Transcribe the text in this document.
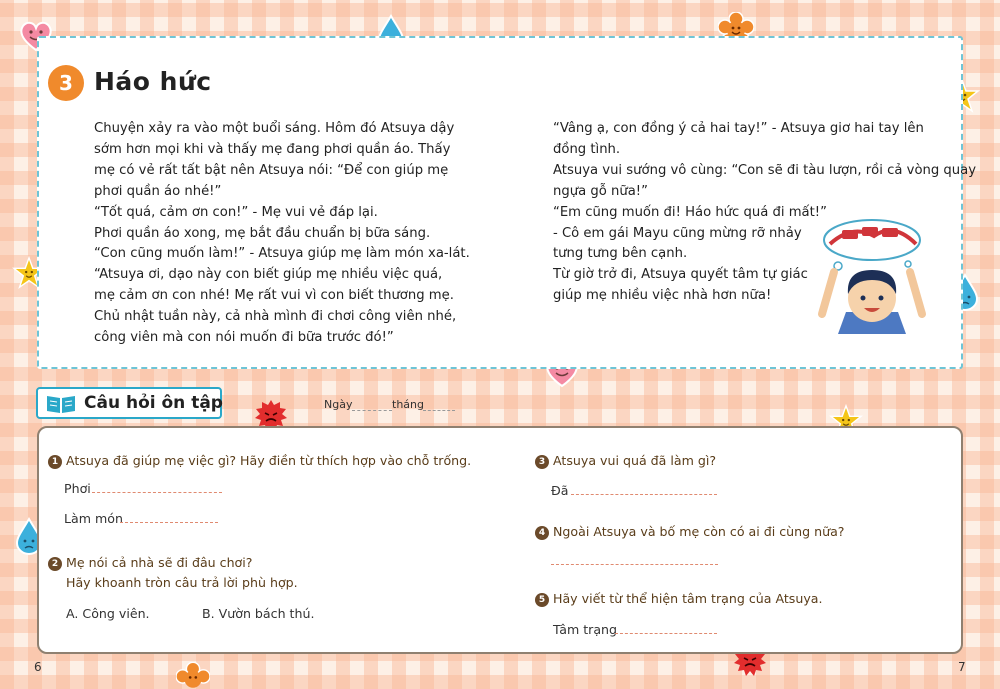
3 Háo hức

Chuyện xảy ra vào một buổi sáng. Hôm đó Atsuya dậy

sớm hơn mọi khi và thấy mẹ đang phơi quần áo. Thấy

mẹ có vẻ rất tất bật nên Atsuya nói: “Để con giúp mẹ

phơi quần áo nhé!”

“Tốt quá, cảm ơn con!” - Mẹ vui vẻ đáp lại.

Phơi quần áo xong, mẹ bắt đầu chuẩn bị bữa sáng.

“Con cũng muốn làm!” - Atsuya giúp mẹ làm món xa-lát.

“Atsuya ơi, dạo này con biết giúp mẹ nhiều việc quá,

mẹ cảm ơn con nhé! Mẹ rất vui vì con biết thương mẹ.

Chủ nhật tuần này, cả nhà mình đi chơi công viên nhé,

công viên mà con nói muốn đi bữa trước đó!”

“Vâng ạ, con đồng ý cả hai tay!” - Atsuya giơ hai tay lên

đồng tình.

Atsuya vui sướng vô cùng: “Con sẽ đi tàu lượn, rồi cả vòng quay

ngựa gỗ nữa!”

“Em cũng muốn đi! Háo hức quá đi mất!”

- Cô em gái Mayu cũng mừng rỡ nhảy

tưng tưng bên cạnh.

Từ giờ trở đi, Atsuya quyết tâm tự giác

giúp mẹ nhiều việc nhà hơn nữa!

Câu hỏi ôn tập	Ngày	tháng
1 Atsuya đã giúp mẹ việc gì? Hãy điền từ thích hợp vào chỗ trống.
Phơi
Làm món
2 Mẹ nói cả nhà sẽ đi đâu chơi?
Hãy khoanh tròn câu trả lời phù hợp.
A. Công viên.	B. Vườn bách thú.
3 Atsuya vui quá đã làm gì?
Đã
4 Ngoài Atsuya và bố mẹ còn có ai đi cùng nữa?
5 Hãy viết từ thể hiện tâm trạng của Atsuya.
Tâm trạng
6	7
